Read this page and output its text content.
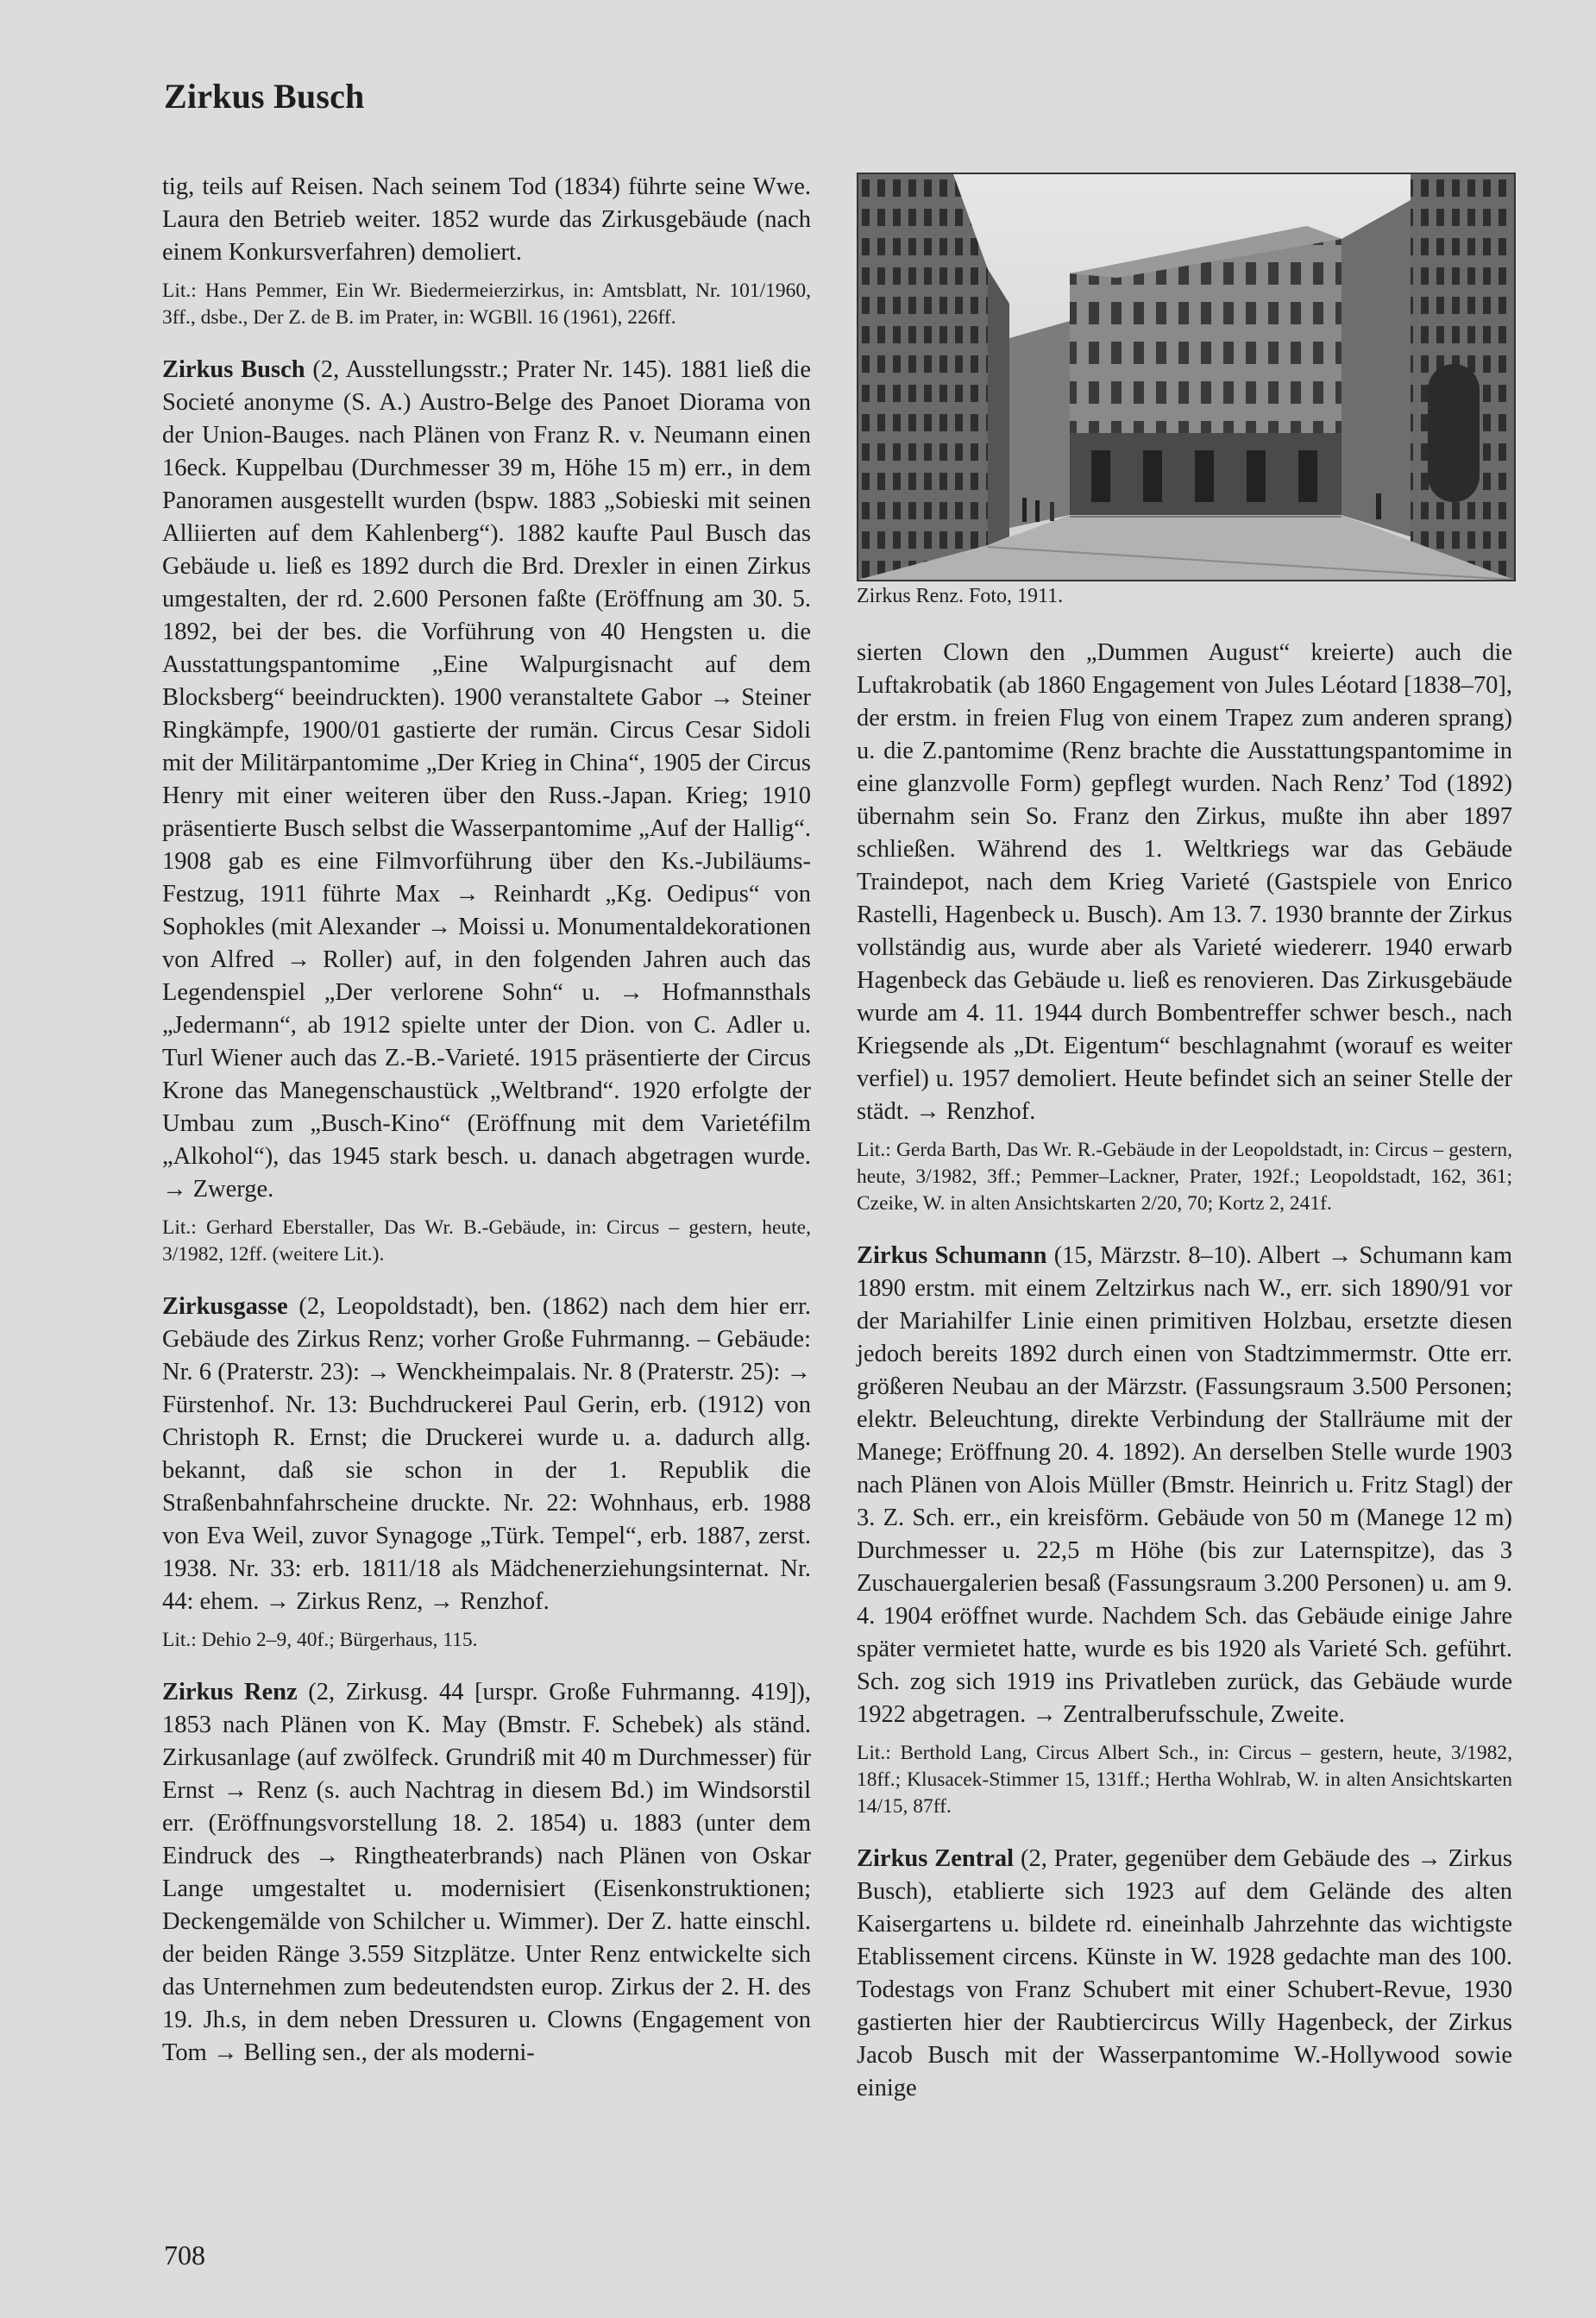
Zirkus Busch

tig, teils auf Reisen. Nach seinem Tod (1834) führte seine Wwe. Laura den Betrieb weiter. 1852 wurde das Zirkusgebäude (nach einem Konkursverfahren) demoliert.

Lit.: Hans Pemmer, Ein Wr. Biedermeierzirkus, in: Amtsblatt, Nr. 101/1960, 3ff., dsbe., Der Z. de B. im Prater, in: WGBll. 16 (1961), 226ff.

Zirkus Busch (2, Ausstellungsstr.; Prater Nr. 145). 1881 ließ die Societé anonyme (S. A.) Austro-Belge des Panoet Diorama von der Union-Bauges. nach Plänen von Franz R. v. Neumann einen 16eck. Kuppelbau (Durchmesser 39 m, Höhe 15 m) err., in dem Panoramen ausgestellt wurden (bspw. 1883 „Sobieski mit seinen Alliierten auf dem Kahlenberg“). 1882 kaufte Paul Busch das Gebäude u. ließ es 1892 durch die Brd. Drexler in einen Zirkus umgestalten, der rd. 2.600 Personen faßte (Eröffnung am 30. 5. 1892, bei der bes. die Vorführung von 40 Hengsten u. die Ausstattungspantomime „Eine Walpurgisnacht auf dem Blocksberg“ beeindruckten). 1900 veranstaltete Gabor → Steiner Ringkämpfe, 1900/01 gastierte der rumän. Circus Cesar Sidoli mit der Militärpantomime „Der Krieg in China“, 1905 der Circus Henry mit einer weiteren über den Russ.-Japan. Krieg; 1910 präsentierte Busch selbst die Wasserpantomime „Auf der Hallig“. 1908 gab es eine Filmvorführung über den Ks.-Jubiläums-Festzug, 1911 führte Max → Reinhardt „Kg. Oedipus“ von Sophokles (mit Alexander → Moissi u. Monumentaldekorationen von Alfred → Roller) auf, in den folgenden Jahren auch das Legendenspiel „Der verlorene Sohn“ u. → Hofmannsthals „Jedermann“, ab 1912 spielte unter der Dion. von C. Adler u. Turl Wiener auch das Z.-B.-Varieté. 1915 präsentierte der Circus Krone das Manegenschaustück „Weltbrand“. 1920 erfolgte der Umbau zum „Busch-Kino“ (Eröffnung mit dem Varietéfilm „Alkohol“), das 1945 stark besch. u. danach abgetragen wurde. → Zwerge.

Lit.: Gerhard Eberstaller, Das Wr. B.-Gebäude, in: Circus – gestern, heute, 3/1982, 12ff. (weitere Lit.).

Zirkusgasse (2, Leopoldstadt), ben. (1862) nach dem hier err. Gebäude des Zirkus Renz; vorher Große Fuhrmanng. – Gebäude: Nr. 6 (Praterstr. 23): → Wenckheimpalais. Nr. 8 (Praterstr. 25): → Fürstenhof. Nr. 13: Buchdruckerei Paul Gerin, erb. (1912) von Christoph R. Ernst; die Druckerei wurde u. a. dadurch allg. bekannt, daß sie schon in der 1. Republik die Straßenbahnfahrscheine druckte. Nr. 22: Wohnhaus, erb. 1988 von Eva Weil, zuvor Synagoge „Türk. Tempel“, erb. 1887, zerst. 1938. Nr. 33: erb. 1811/18 als Mädchenerziehungsinternat. Nr. 44: ehem. → Zirkus Renz, → Renzhof.

Lit.: Dehio 2–9, 40f.; Bürgerhaus, 115.

Zirkus Renz (2, Zirkusg. 44 [urspr. Große Fuhrmanng. 419]), 1853 nach Plänen von K. May (Bmstr. F. Schebek) als ständ. Zirkusanlage (auf zwölfeck. Grundriß mit 40 m Durchmesser) für Ernst → Renz (s. auch Nachtrag in diesem Bd.) im Windsorstil err. (Eröffnungsvorstellung 18. 2. 1854) u. 1883 (unter dem Eindruck des → Ringtheaterbrands) nach Plänen von Oskar Lange umgestaltet u. modernisiert (Eisenkonstruktionen; Deckengemälde von Schilcher u. Wimmer). Der Z. hatte einschl. der beiden Ränge 3.559 Sitzplätze. Unter Renz entwickelte sich das Unternehmen zum bedeutendsten europ. Zirkus der 2. H. des 19. Jh.s, in dem neben Dressuren u. Clowns (Engagement von Tom → Belling sen., der als moderni-

Zirkus Renz. Foto, 1911.

sierten Clown den „Dummen August“ kreierte) auch die Luftakrobatik (ab 1860 Engagement von Jules Léotard [1838–70], der erstm. in freien Flug von einem Trapez zum anderen sprang) u. die Z.pantomime (Renz brachte die Ausstattungspantomime in eine glanzvolle Form) gepflegt wurden. Nach Renz’ Tod (1892) übernahm sein So. Franz den Zirkus, mußte ihn aber 1897 schließen. Während des 1. Weltkriegs war das Gebäude Traindepot, nach dem Krieg Varieté (Gastspiele von Enrico Rastelli, Hagenbeck u. Busch). Am 13. 7. 1930 brannte der Zirkus vollständig aus, wurde aber als Varieté wiedererr. 1940 erwarb Hagenbeck das Gebäude u. ließ es renovieren. Das Zirkusgebäude wurde am 4. 11. 1944 durch Bombentreffer schwer besch., nach Kriegsende als „Dt. Eigentum“ beschlagnahmt (worauf es weiter verfiel) u. 1957 demoliert. Heute befindet sich an seiner Stelle der städt. → Renzhof.

Lit.: Gerda Barth, Das Wr. R.-Gebäude in der Leopoldstadt, in: Circus – gestern, heute, 3/1982, 3ff.; Pemmer–Lackner, Prater, 192f.; Leopoldstadt, 162, 361; Czeike, W. in alten Ansichtskarten 2/20, 70; Kortz 2, 241f.

Zirkus Schumann (15, Märzstr. 8–10). Albert → Schumann kam 1890 erstm. mit einem Zeltzirkus nach W., err. sich 1890/91 vor der Mariahilfer Linie einen primitiven Holzbau, ersetzte diesen jedoch bereits 1892 durch einen von Stadtzimmermstr. Otte err. größeren Neubau an der Märzstr. (Fassungsraum 3.500 Personen; elektr. Beleuchtung, direkte Verbindung der Stallräume mit der Manege; Eröffnung 20. 4. 1892). An derselben Stelle wurde 1903 nach Plänen von Alois Müller (Bmstr. Heinrich u. Fritz Stagl) der 3. Z. Sch. err., ein kreisförm. Gebäude von 50 m (Manege 12 m) Durchmesser u. 22,5 m Höhe (bis zur Laternspitze), das 3 Zuschauergalerien besaß (Fassungsraum 3.200 Personen) u. am 9. 4. 1904 eröffnet wurde. Nachdem Sch. das Gebäude einige Jahre später vermietet hatte, wurde es bis 1920 als Varieté Sch. geführt. Sch. zog sich 1919 ins Privatleben zurück, das Gebäude wurde 1922 abgetragen. → Zentralberufsschule, Zweite.

Lit.: Berthold Lang, Circus Albert Sch., in: Circus – gestern, heute, 3/1982, 18ff.; Klusacek-Stimmer 15, 131ff.; Hertha Wohlrab, W. in alten Ansichtskarten 14/15, 87ff.

Zirkus Zentral (2, Prater, gegenüber dem Gebäude des → Zirkus Busch), etablierte sich 1923 auf dem Gelände des alten Kaisergartens u. bildete rd. eineinhalb Jahrzehnte das wichtigste Etablissement circens. Künste in W. 1928 gedachte man des 100. Todestags von Franz Schubert mit einer Schubert-Revue, 1930 gastierten hier der Raubtiercircus Willy Hagenbeck, der Zirkus Jacob Busch mit der Wasserpantomime W.-Hollywood sowie einige

708
